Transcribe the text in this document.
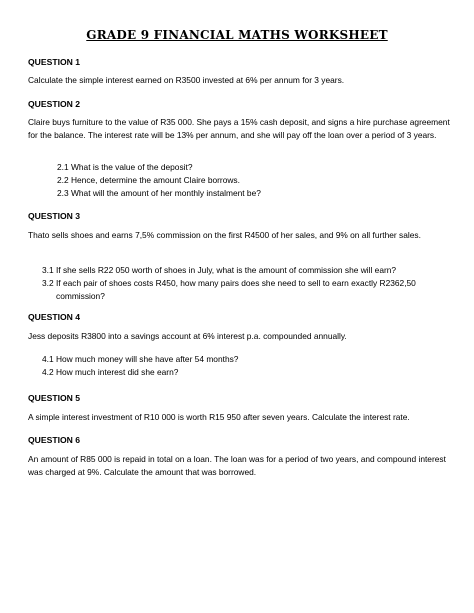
GRADE 9 FINANCIAL MATHS WORKSHEET
QUESTION 1
Calculate the simple interest earned on R3500 invested at 6% per annum for 3 years.
QUESTION 2
Claire buys furniture to the value of R35 000. She pays a 15% cash deposit, and signs a hire purchase agreement for the balance. The interest rate will be 13% per annum, and she will pay off the loan over a period of 3 years.
2.1 What is the value of the deposit?
2.2 Hence, determine the amount Claire borrows.
2.3 What will the amount of her monthly instalment be?
QUESTION 3
Thato sells shoes and earns 7,5% commission on the first R4500 of her sales, and 9% on all further sales.
3.1 If she sells R22 050 worth of shoes in July, what is the amount of commission she will earn?
3.2 If each pair of shoes costs R450, how many pairs does she need to sell to earn exactly R2362,50
commission?
QUESTION 4
Jess deposits R3800 into a savings account at 6% interest p.a. compounded annually.
4.1 How much money will she have after 54 months?
4.2 How much interest did she earn?
QUESTION 5
A simple interest investment of R10 000 is worth R15 950 after seven years. Calculate the interest rate.
QUESTION 6
An amount of R85 000 is repaid in total on a loan. The loan was for a period of two years, and compound interest was charged at 9%. Calculate the amount that was borrowed.
